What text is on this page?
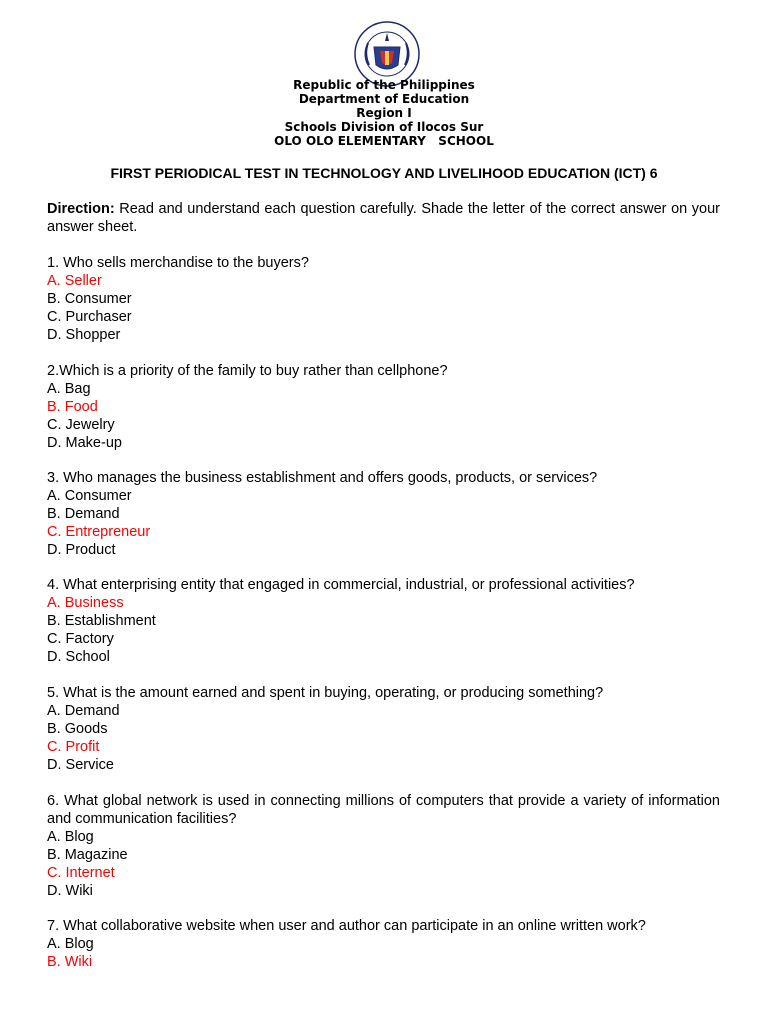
Republic of the Philippines
Department of Education
Region I
Schools Division of Ilocos Sur
OLO OLO ELEMENTARY   SCHOOL
FIRST PERIODICAL TEST IN TECHNOLOGY AND LIVELIHOOD EDUCATION (ICT) 6
Direction: Read and understand each question carefully. Shade the letter of the correct answer on your answer sheet.
1. Who sells merchandise to the buyers?
A. Seller
B. Consumer
C. Purchaser
D. Shopper
2.Which is a priority of the family to buy rather than cellphone?
A. Bag
B. Food
C. Jewelry
D. Make-up
3. Who manages the business establishment and offers goods, products, or services?
A. Consumer
B. Demand
C. Entrepreneur
D. Product
4. What enterprising entity that engaged in commercial, industrial, or professional activities?
A. Business
B. Establishment
C. Factory
D. School
5. What is the amount earned and spent in buying, operating, or producing something?
A. Demand
B. Goods
C. Profit
D. Service
6. What global network is used in connecting millions of computers that provide a variety of information and communication facilities?
A. Blog
B. Magazine
C. Internet
D. Wiki
7. What collaborative website when user and author can participate in an online written work?
A. Blog
B. Wiki
